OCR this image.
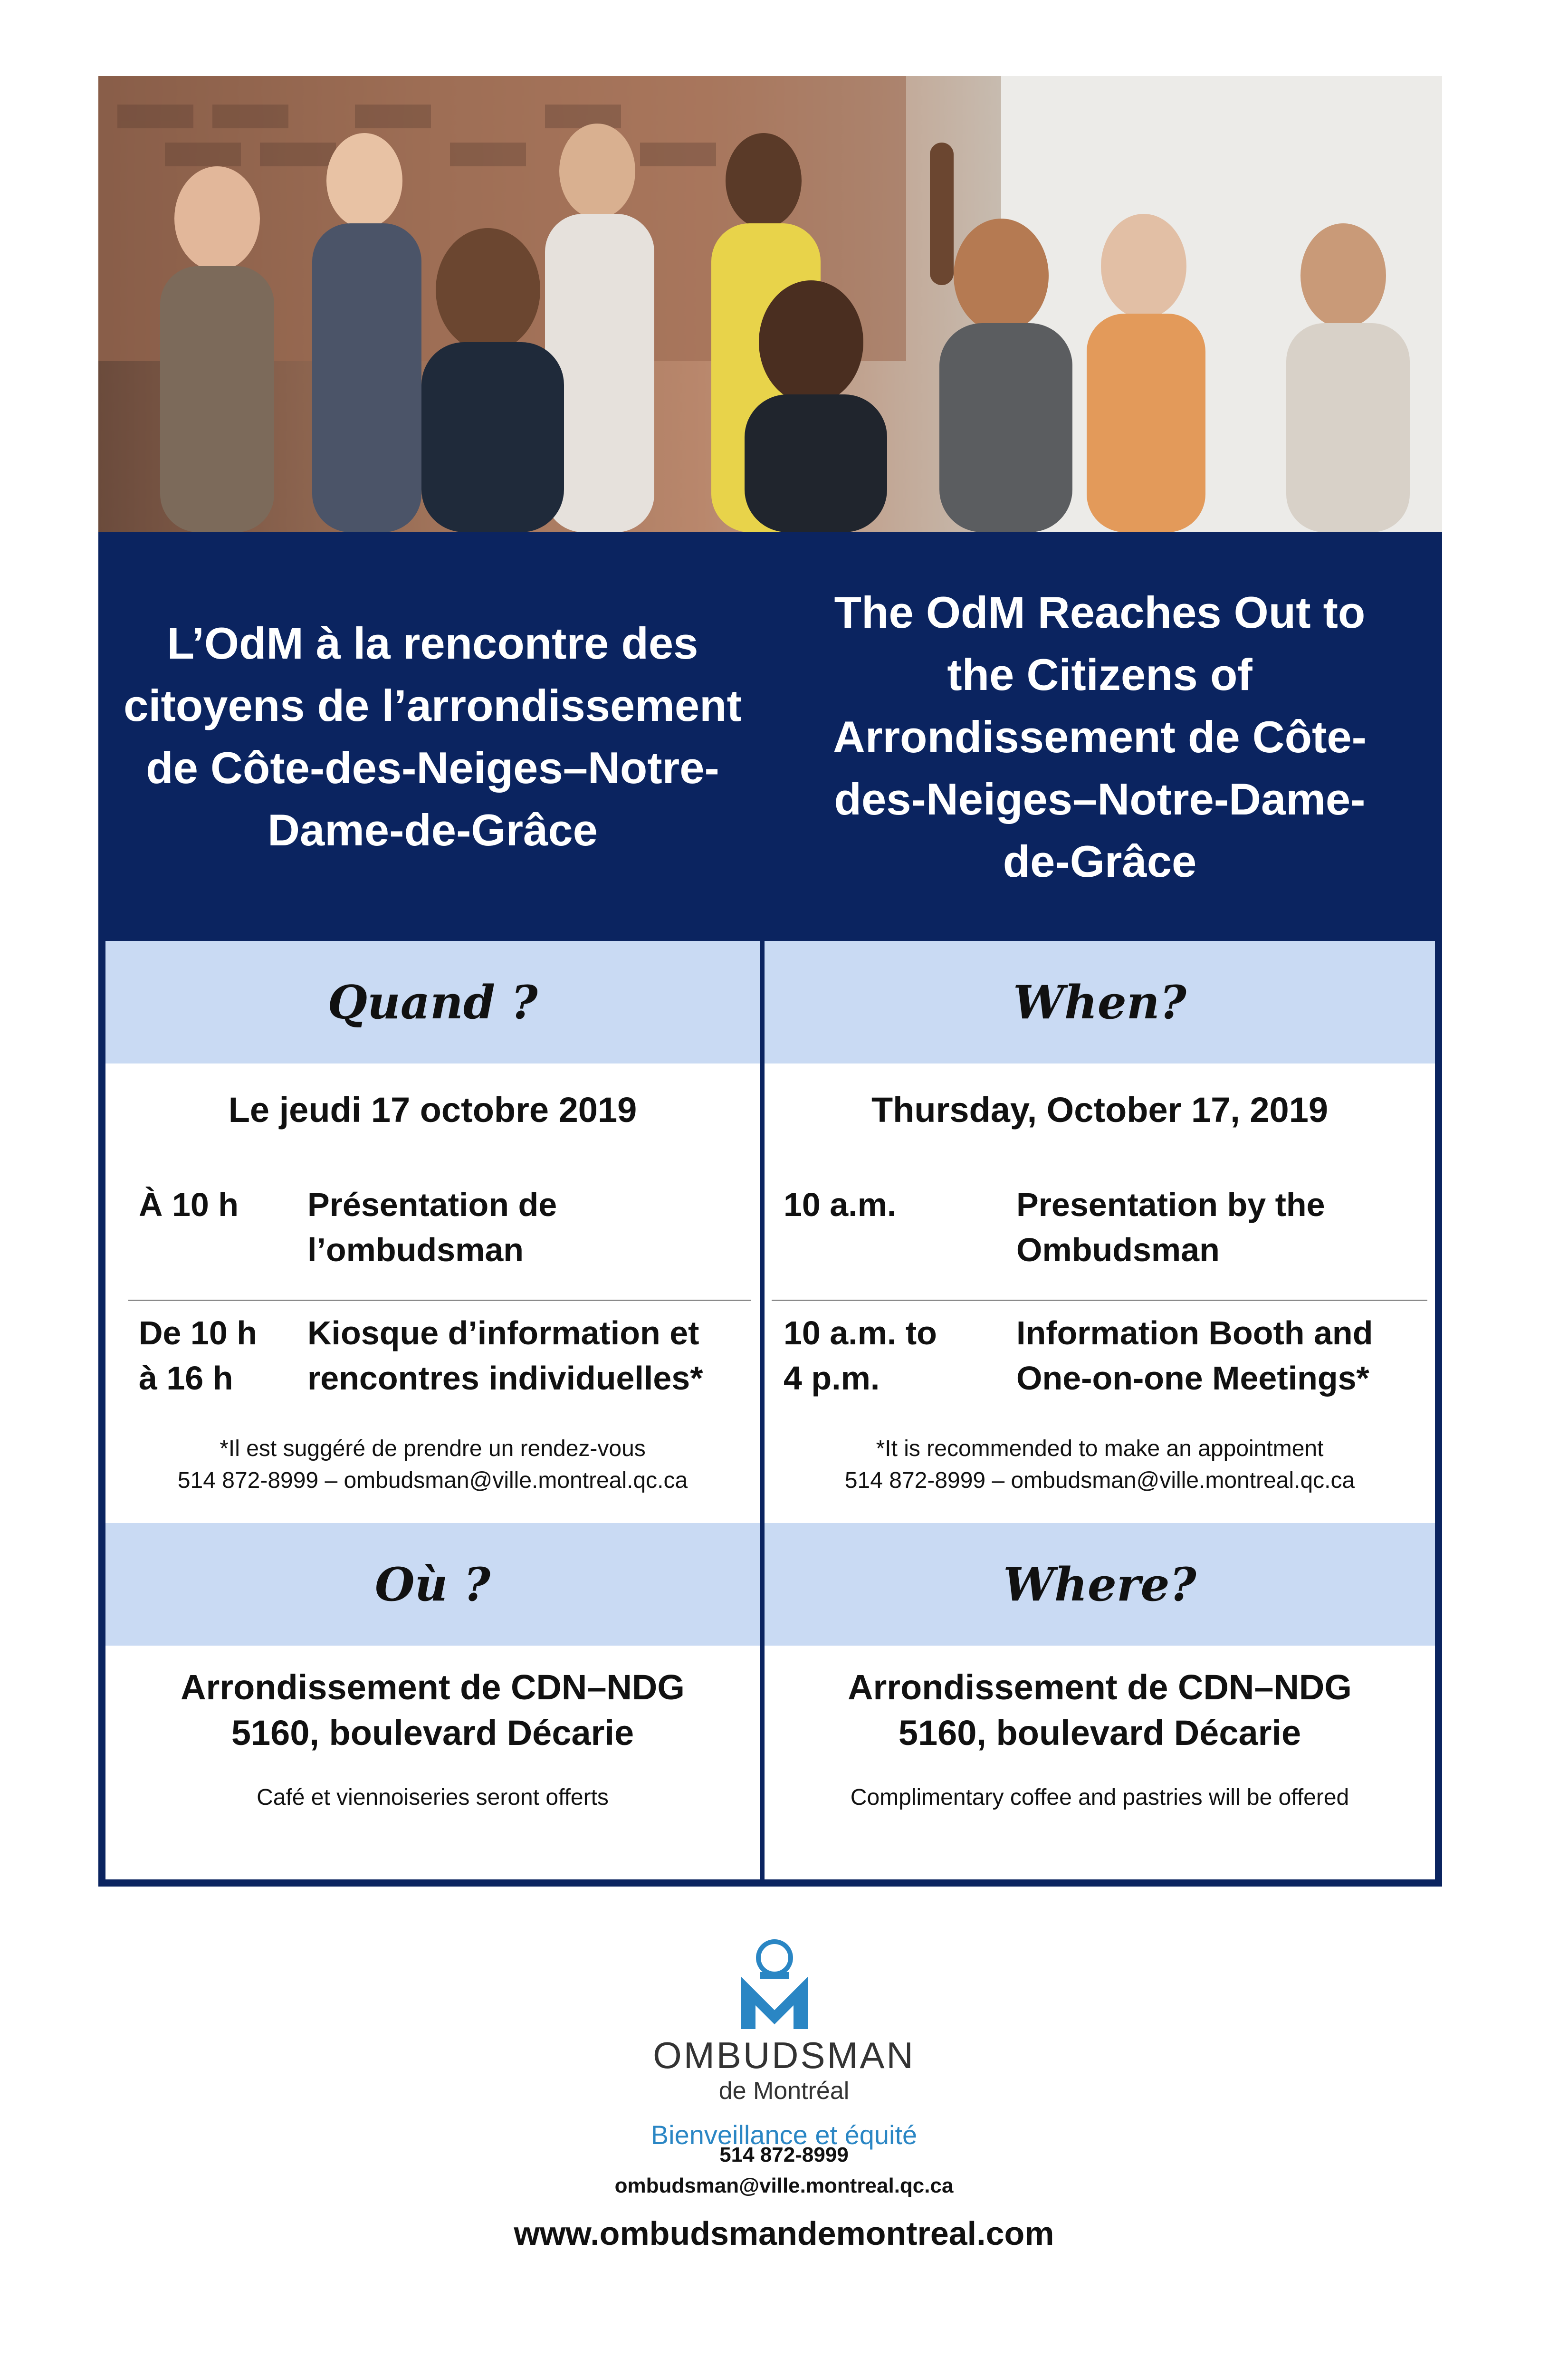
L’OdM à la rencontre des citoyens de l’arrondissement de Côte-des-Neiges–Notre-Dame-de-Grâce
Quand ?
Le jeudi 17 octobre 2019
À 10 h Présentation de
l’ombudsman
De 10 h
à 16 h
Kiosque d’information et
rencontres individuelles*
*Il est suggéré de prendre un rendez-vous
514 872-8999 – ombudsman@ville.montreal.qc.ca
Où ?
Arrondissement de CDN–NDG
5160, boulevard Décarie
Café et viennoiseries seront offerts
The OdM Reaches Out to the Citizens of Arrondissement de Côte-des-Neiges–Notre-Dame-de-Grâce
When?
Thursday, October 17, 2019
10 a.m.	Presentation by the
Ombudsman
10 a.m. to
4 p.m.
Information Booth and
One-on-one Meetings*
*It is recommended to make an appointment
514 872-8999 – ombudsman@ville.montreal.qc.ca
Where?
Arrondissement de CDN–NDG
5160, boulevard Décarie
Complimentary coffee and pastries will be offered
OMBUDSMAN
de Montréal
Bienveillance et équité
514 872-8999
ombudsman@ville.montreal.qc.ca
www.ombudsmandemontreal.com
